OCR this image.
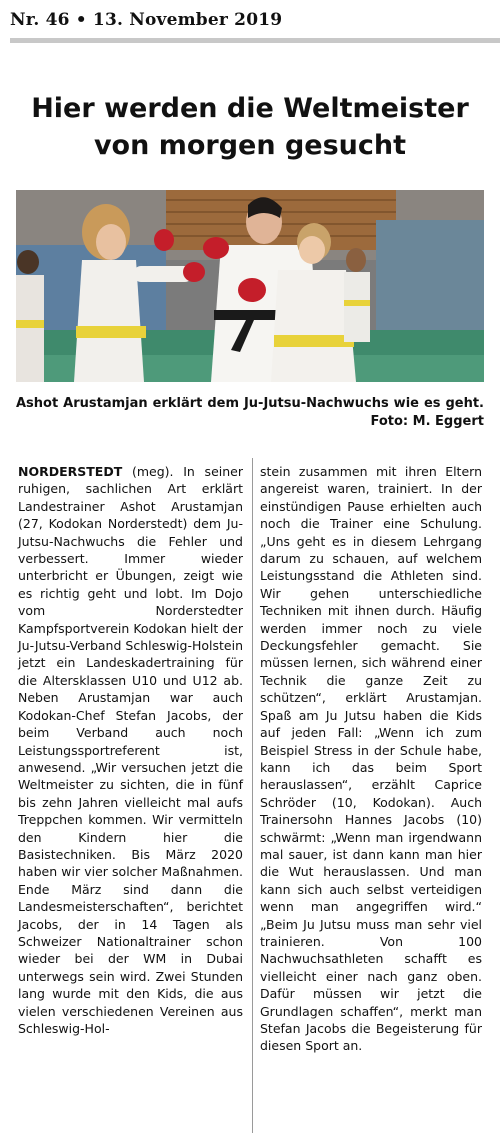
Nr. 46 • 13. November 2019
Hier werden die Weltmeister
von morgen gesucht
Ashot Arustamjan erklärt dem Ju-Jutsu-Nachwuchs wie es geht.
Foto: M. Eggert

NORDERSTEDT (meg). In seiner ruhigen, sachlichen Art erklärt Landestrainer Ashot Arustamjan (27, Kodokan Norderstedt) dem Ju-Jutsu-Nachwuchs die Fehler und verbessert. Immer wieder unterbricht er Übungen, zeigt wie es richtig geht und lobt. Im Dojo vom Norderstedter Kampfsportverein Kodokan hielt der Ju-Jutsu-Verband Schleswig-Holstein jetzt ein Landeskadertraining für die Altersklassen U10 und U12 ab. Neben Arustamjan war auch Kodokan-Chef Stefan Jacobs, der beim Verband auch noch Leistungssportreferent ist, anwesend. „Wir versuchen jetzt die Weltmeister zu sichten, die in fünf bis zehn Jahren vielleicht mal aufs Treppchen kommen. Wir vermitteln den Kindern hier die Basistechniken. Bis März 2020 haben wir vier solcher Maßnahmen. Ende März sind dann die Landesmeisterschaften“, berichtet Jacobs, der in 14 Tagen als Schweizer Nationaltrainer schon wieder bei der WM in Dubai unterwegs sein wird. Zwei Stunden lang wurde mit den Kids, die aus vielen verschiedenen Vereinen aus Schleswig-Hol-

stein zusammen mit ihren Eltern angereist waren, trainiert. In der einstündigen Pause erhielten auch noch die Trainer eine Schulung. „Uns geht es in diesem Lehrgang darum zu schauen, auf welchem Leistungsstand die Athleten sind. Wir gehen unterschiedliche Techniken mit ihnen durch. Häufig werden immer noch zu viele Deckungsfehler gemacht. Sie müssen lernen, sich während einer Technik die ganze Zeit zu schützen“, erklärt Arustamjan. Spaß am Ju Jutsu haben die Kids auf jeden Fall: „Wenn ich zum Beispiel Stress in der Schule habe, kann ich das beim Sport herauslassen“, erzählt Caprice Schröder (10, Kodokan). Auch Trainersohn Hannes Jacobs (10) schwärmt: „Wenn man irgendwann mal sauer, ist dann kann man hier die Wut herauslassen. Und man kann sich auch selbst verteidigen wenn man angegriffen wird.“ „Beim Ju Jutsu muss man sehr viel trainieren. Von 100 Nachwuchsathleten schafft es vielleicht einer nach ganz oben. Dafür müssen wir jetzt die Grundlagen schaffen“, merkt man Stefan Jacobs die Begeisterung für diesen Sport an.
